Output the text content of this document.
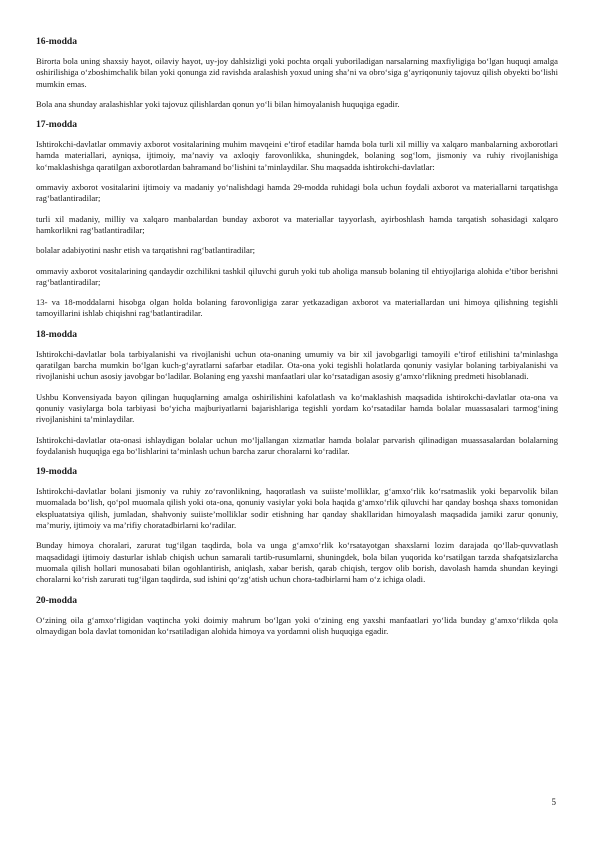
16-modda
Birorta bola uning shaxsiy hayot, oilaviy hayot, uy-joy dahlsizligi yoki pochta orqali yuboriladigan narsalarning maxfiyligiga bo‘lgan huquqi amalga oshirilishiga o‘zboshimchalik bilan yoki qonunga zid ravishda aralashish yoxud uning sha’ni va obro‘siga g‘ayriqonuniy tajovuz qilish obyekti bo‘lishi mumkin emas.
Bola ana shunday aralashishlar yoki tajovuz qilishlardan qonun yo‘li bilan himoyalanish huquqiga egadir.
17-modda
Ishtirokchi-davlatlar ommaviy axborot vositalarining muhim mavqeini e’tirof etadilar hamda bola turli xil milliy va xalqaro manbalarning axborotlari hamda materiallari, ayniqsa, ijtimoiy, ma’naviy va axloqiy farovonlikka, shuningdek, bolaning sog‘lom, jismoniy va ruhiy rivojlanishiga ko‘maklashishga qaratilgan axborotlardan bahramand bo‘lishini ta’minlaydilar. Shu maqsadda ishtirokchi-davlatlar:
ommaviy axborot vositalarini ijtimoiy va madaniy yo‘nalishdagi hamda 29-modda ruhidagi bola uchun foydali axborot va materiallarni tarqatishga rag‘batlantiradilar;
turli xil madaniy, milliy va xalqaro manbalardan bunday axborot va materiallar tayyorlash, ayirboshlash hamda tarqatish sohasidagi xalqaro hamkorlikni rag‘batlantiradilar;
bolalar adabiyotini nashr etish va tarqatishni rag‘batlantiradilar;
ommaviy axborot vositalarining qandaydir ozchilikni tashkil qiluvchi guruh yoki tub aholiga mansub bolaning til ehtiyojlariga alohida e’tibor berishni rag‘batlantiradilar;
13- va 18-moddalarni hisobga olgan holda bolaning farovonligiga zarar yetkazadigan axborot va materiallardan uni himoya qilishning tegishli tamoyillarini ishlab chiqishni rag‘batlantiradilar.
18-modda
Ishtirokchi-davlatlar bola tarbiyalanishi va rivojlanishi uchun ota-onaning umumiy va bir xil javobgarligi tamoyili e’tirof etilishini ta’minlashga qaratilgan barcha mumkin bo‘lgan kuch-g‘ayratlarni safarbar etadilar. Ota-ona yoki tegishli holatlarda qonuniy vasiylar bolaning tarbiyalanishi va rivojlanishi uchun asosiy javobgar bo‘ladilar. Bolaning eng yaxshi manfaatlari ular ko‘rsatadigan asosiy g‘amxo‘rlikning predmeti hisoblanadi.
Ushbu Konvensiyada bayon qilingan huquqlarning amalga oshirilishini kafolatlash va ko‘maklashish maqsadida ishtirokchi-davlatlar ota-ona va qonuniy vasiylarga bola tarbiyasi bo‘yicha majburiyatlarni bajarishlariga tegishli yordam ko‘rsatadilar hamda bolalar muassasalari tarmog‘ining rivojlanishini ta’minlaydilar.
Ishtirokchi-davlatlar ota-onasi ishlaydigan bolalar uchun mo‘ljallangan xizmatlar hamda bolalar parvarish qilinadigan muassasalardan bolalarning foydalanish huquqiga ega bo‘lishlarini ta’minlash uchun barcha zarur choralarni ko‘radilar.
19-modda
Ishtirokchi-davlatlar bolani jismoniy va ruhiy zo‘ravonlikning, haqoratlash va suiiste’molliklar, g‘amxo‘rlik ko‘rsatmaslik yoki beparvolik bilan muomalada bo‘lish, qo‘pol muomala qilish yoki ota-ona, qonuniy vasiylar yoki bola haqida g‘amxo‘rlik qiluvchi har qanday boshqa shaxs tomonidan ekspluatatsiya qilish, jumladan, shahvoniy suiiste’molliklar sodir etishning har qanday shakllaridan himoyalash maqsadida jamiki zarur qonuniy, ma’muriy, ijtimoiy va ma’rifiy choratadbirlarni ko‘radilar.
Bunday himoya choralari, zarurat tug‘ilgan taqdirda, bola va unga g‘amxo‘rlik ko‘rsatayotgan shaxslarni lozim darajada qo‘llab-quvvatlash maqsadidagi ijtimoiy dasturlar ishlab chiqish uchun samarali tartib-rusumlarni, shuningdek, bola bilan yuqorida ko‘rsatilgan tarzda shafqatsizlarcha muomala qilish hollari munosabati bilan ogohlantirish, aniqlash, xabar berish, qarab chiqish, tergov olib borish, davolash hamda shundan keyingi choralarni ko‘rish zarurati tug‘ilgan taqdirda, sud ishini qo‘zg‘atish uchun chora-tadbirlarni ham o‘z ichiga oladi.
20-modda
O‘zining oila g‘amxo‘rligidan vaqtincha yoki doimiy mahrum bo‘lgan yoki o‘zining eng yaxshi manfaatlari yo‘lida bunday g‘amxo‘rlikda qola olmaydigan bola davlat tomonidan ko‘rsatiladigan alohida himoya va yordamni olish huquqiga egadir.
5
